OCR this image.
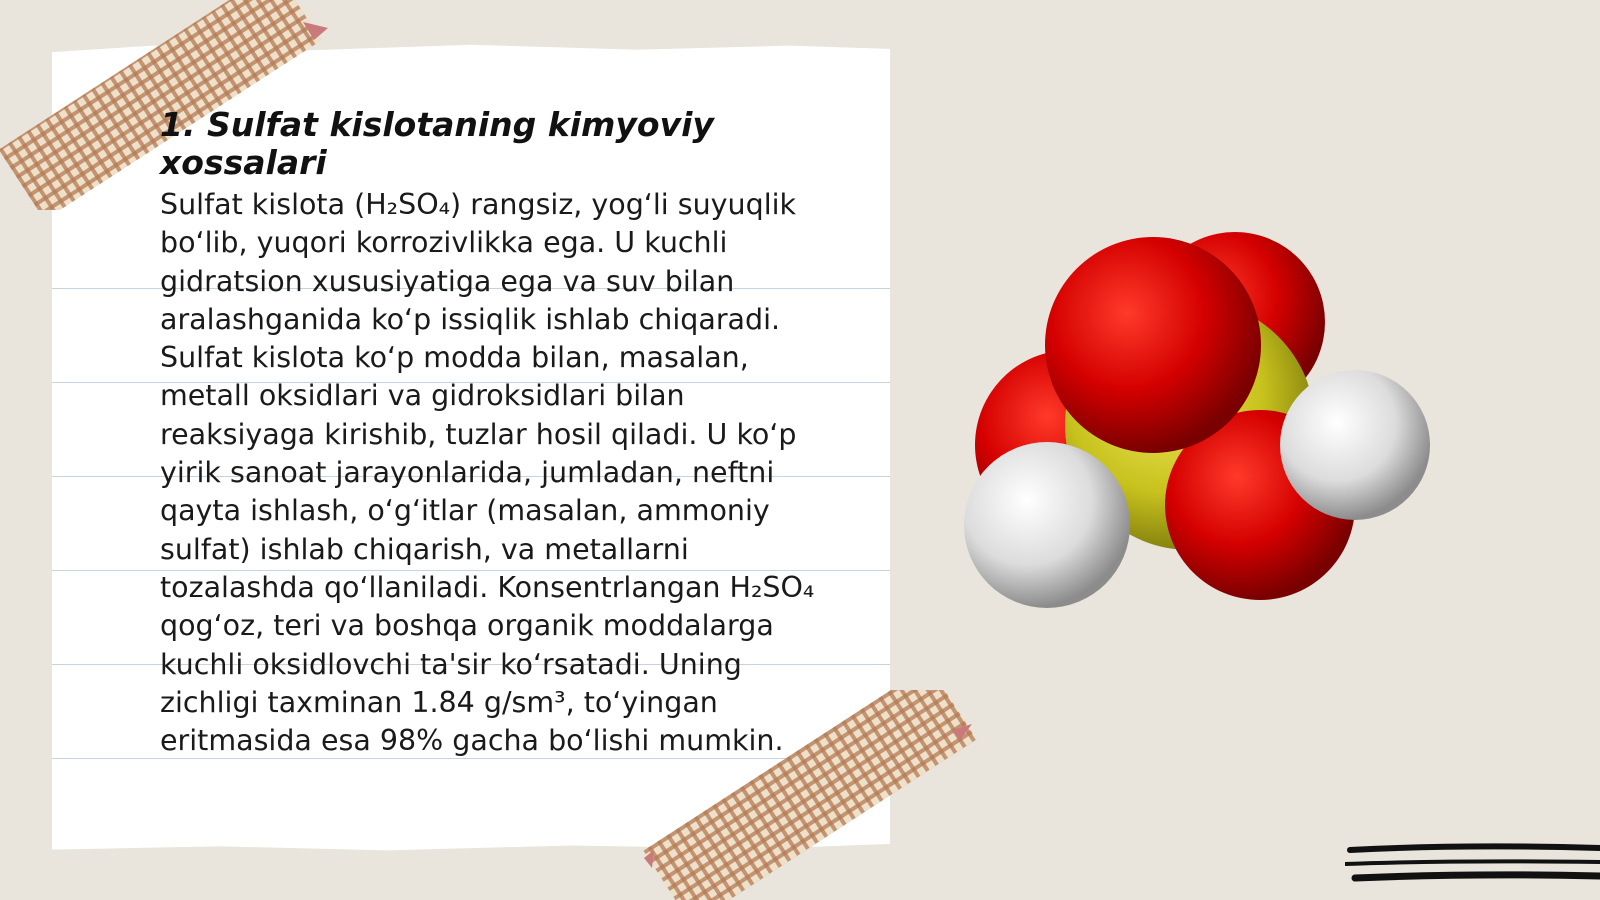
1. Sulfat kislotaning kimyoviy xossalari

Sulfat kislota (H₂SO₄) rangsiz, yogʻli suyuqlik boʻlib, yuqori korrozivlikka ega. U kuchli gidratsion xususiyatiga ega va suv bilan aralashganida koʻp issiqlik ishlab chiqaradi. Sulfat kislota koʻp modda bilan, masalan, metall oksidlari va gidroksidlari bilan reaksiyaga kirishib, tuzlar hosil qiladi. U koʻp yirik sanoat jarayonlarida, jumladan, neftni qayta ishlash, oʻgʻitlar (masalan, ammoniy sulfat) ishlab chiqarish, va metallarni tozalashda qoʻllaniladi. Konsentrlangan H₂SO₄ qogʻoz, teri va boshqa organik moddalarga kuchli oksidlovchi ta'sir koʻrsatadi. Uning zichligi taxminan 1.84 g/sm³, toʻyingan eritmasida esa 98% gacha boʻlishi mumkin.
